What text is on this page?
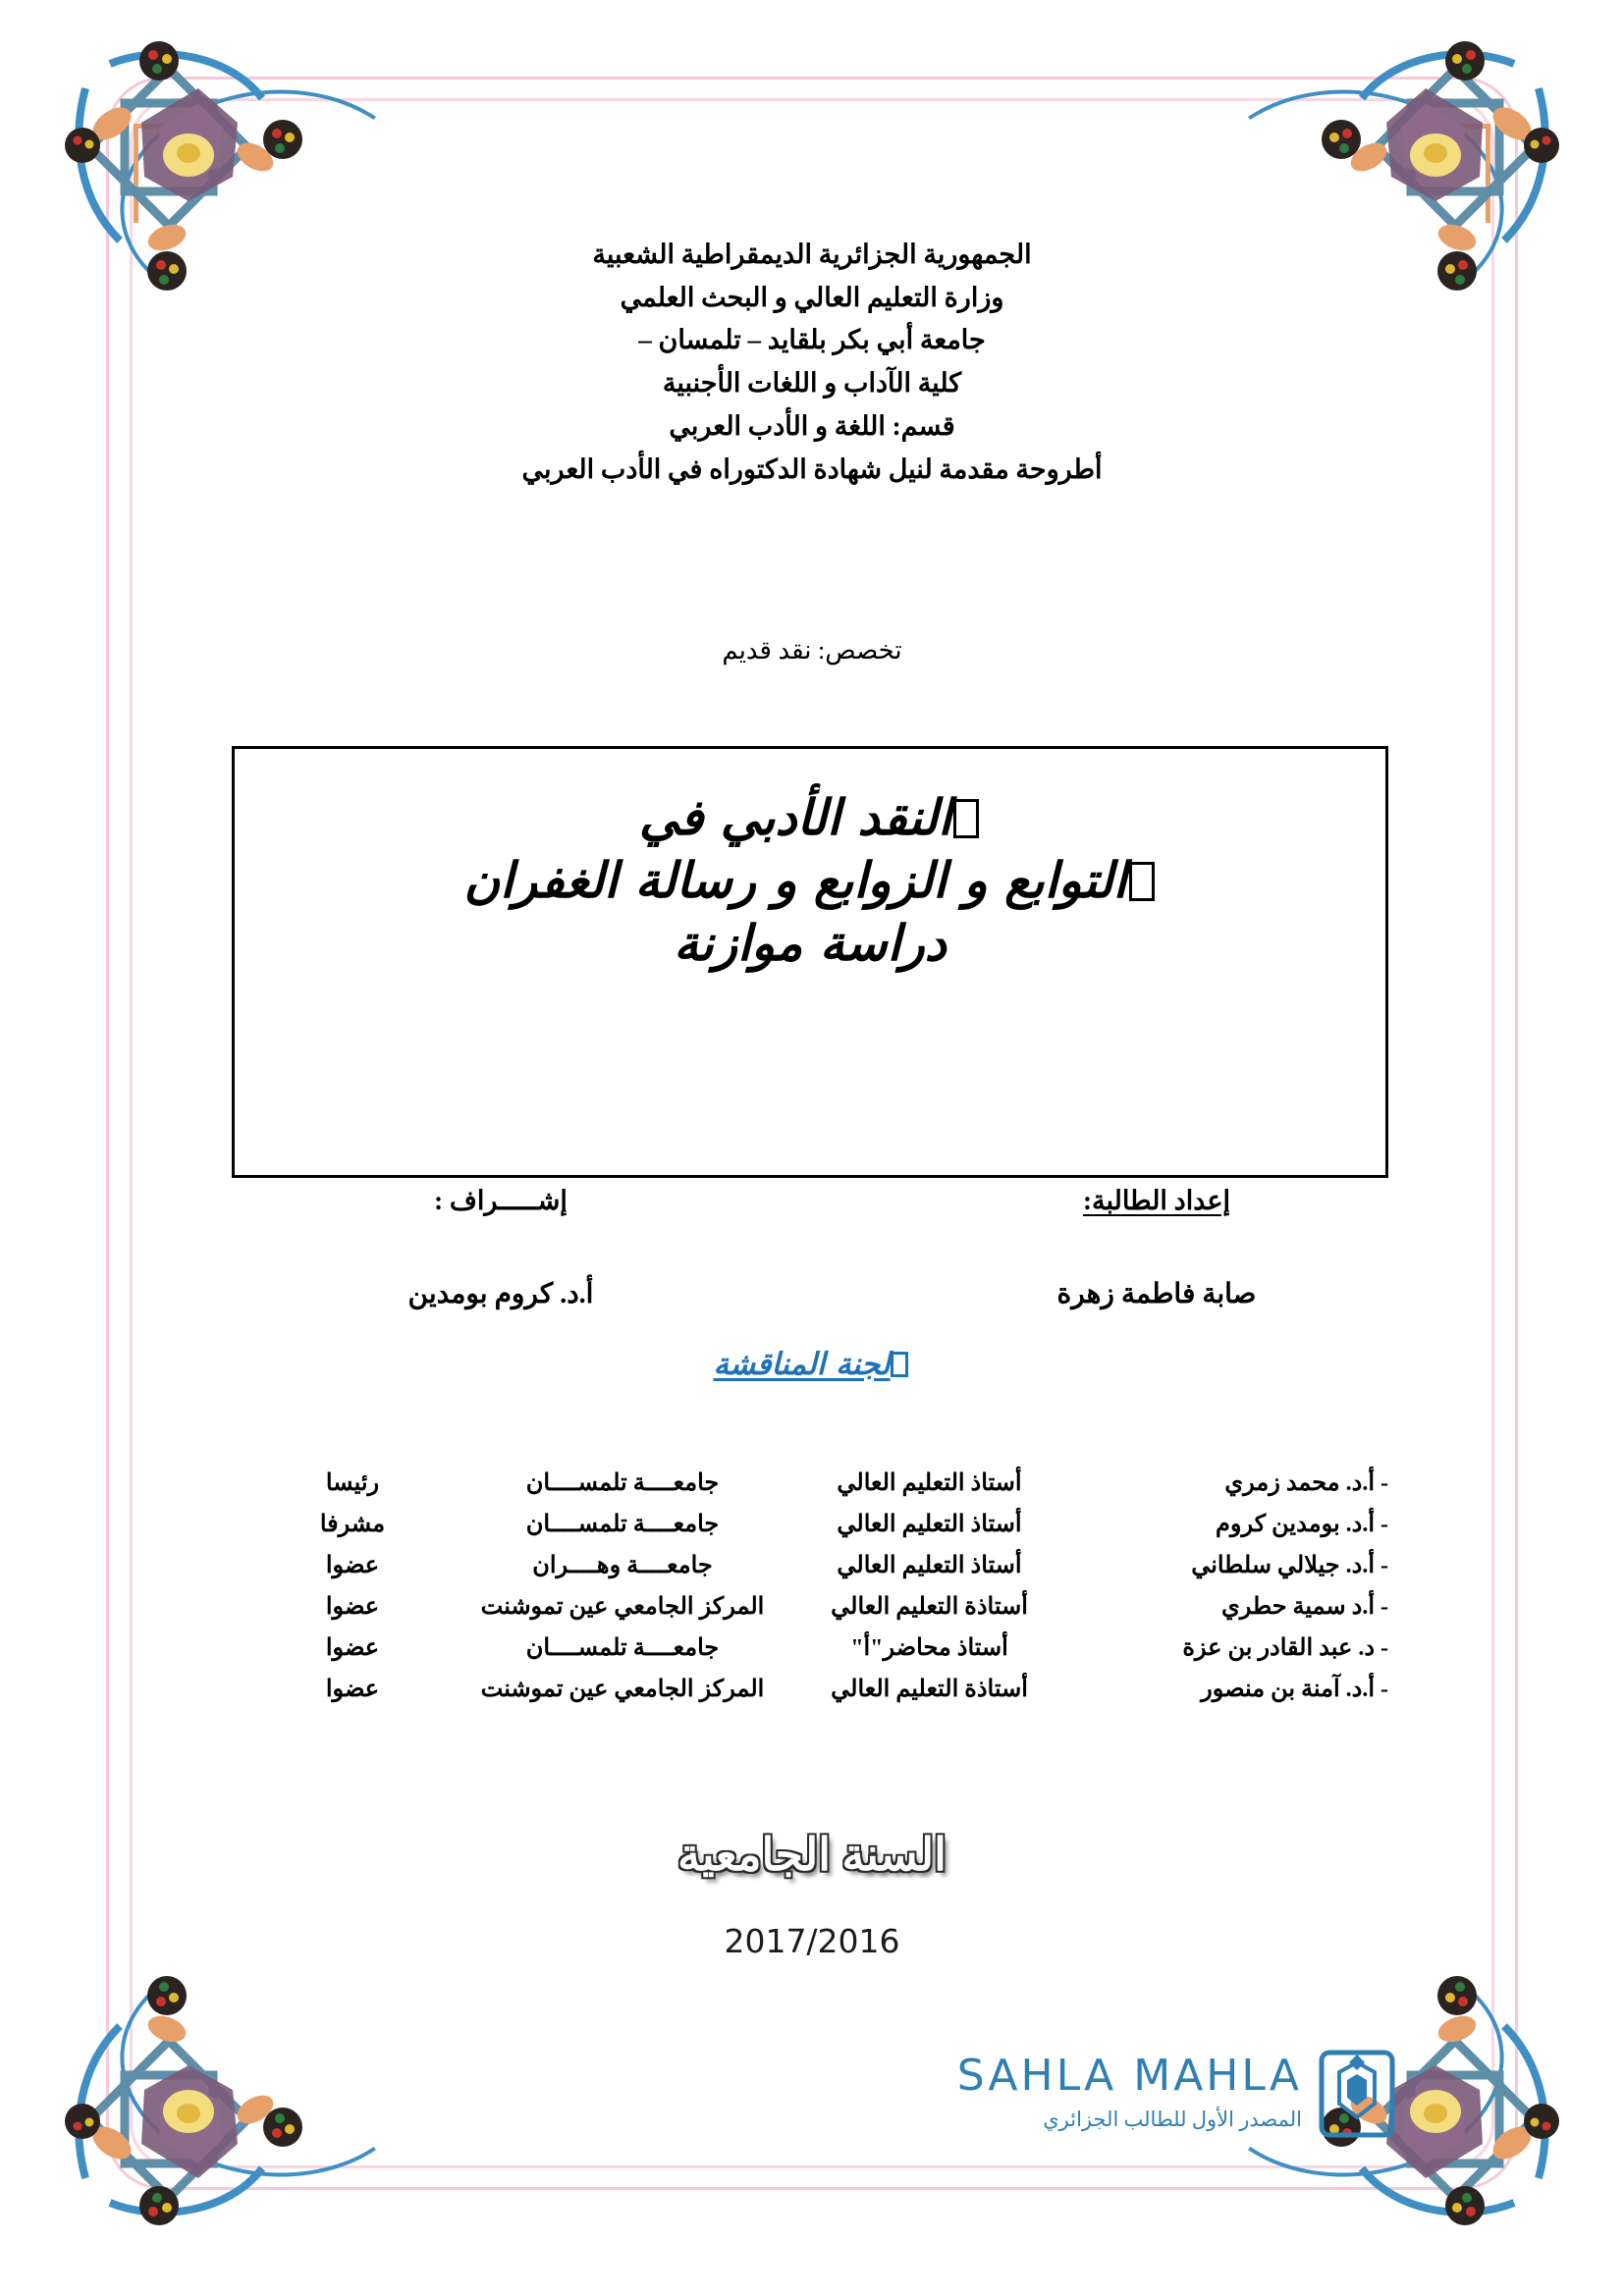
الجمهورية الجزائرية الديمقراطية الشعبية
وزارة التعليم العالي و البحث العلمي
جامعة أبي بكر بلقايد – تلمسان –
كلية الآداب و اللغات الأجنبية
قسم: اللغة و الأدب العربي
أطروحة مقدمة لنيل شهادة الدكتوراه في الأدب العربي
تخصص: نقد قديم
النقد الأدبي في
التوابع و الزوابع و رسالة الغفران
دراسة موازنة
إعداد الطالبة:
صابة فاطمة زهرة
إشـــــراف :
أ.د. كروم بومدين
لجنة المناقشة
- أ.د. محمد زمري
أستاذ التعليم العالي
جامعــــة تلمســــان
رئيسا
- أ.د. بومدين كروم
أستاذ التعليم العالي
جامعــــة تلمســــان
مشرفا
- أ.د. جيلالي سلطاني
أستاذ التعليم العالي
جامعــــة وهــــران
عضوا
- أ.د سمية حطري
أستاذة التعليم العالي
المركز الجامعي عين تموشنت
عضوا
- د. عبد القادر بن عزة
أستاذ محاضر"أ"
جامعــــة تلمســــان
عضوا
- أ.د. آمنة بن منصور
أستاذة التعليم العالي
المركز الجامعي عين تموشنت
عضوا
السنة الجامعية
2017/2016
SAHLA MAHLA
المصدر الأول للطالب الجزائري
